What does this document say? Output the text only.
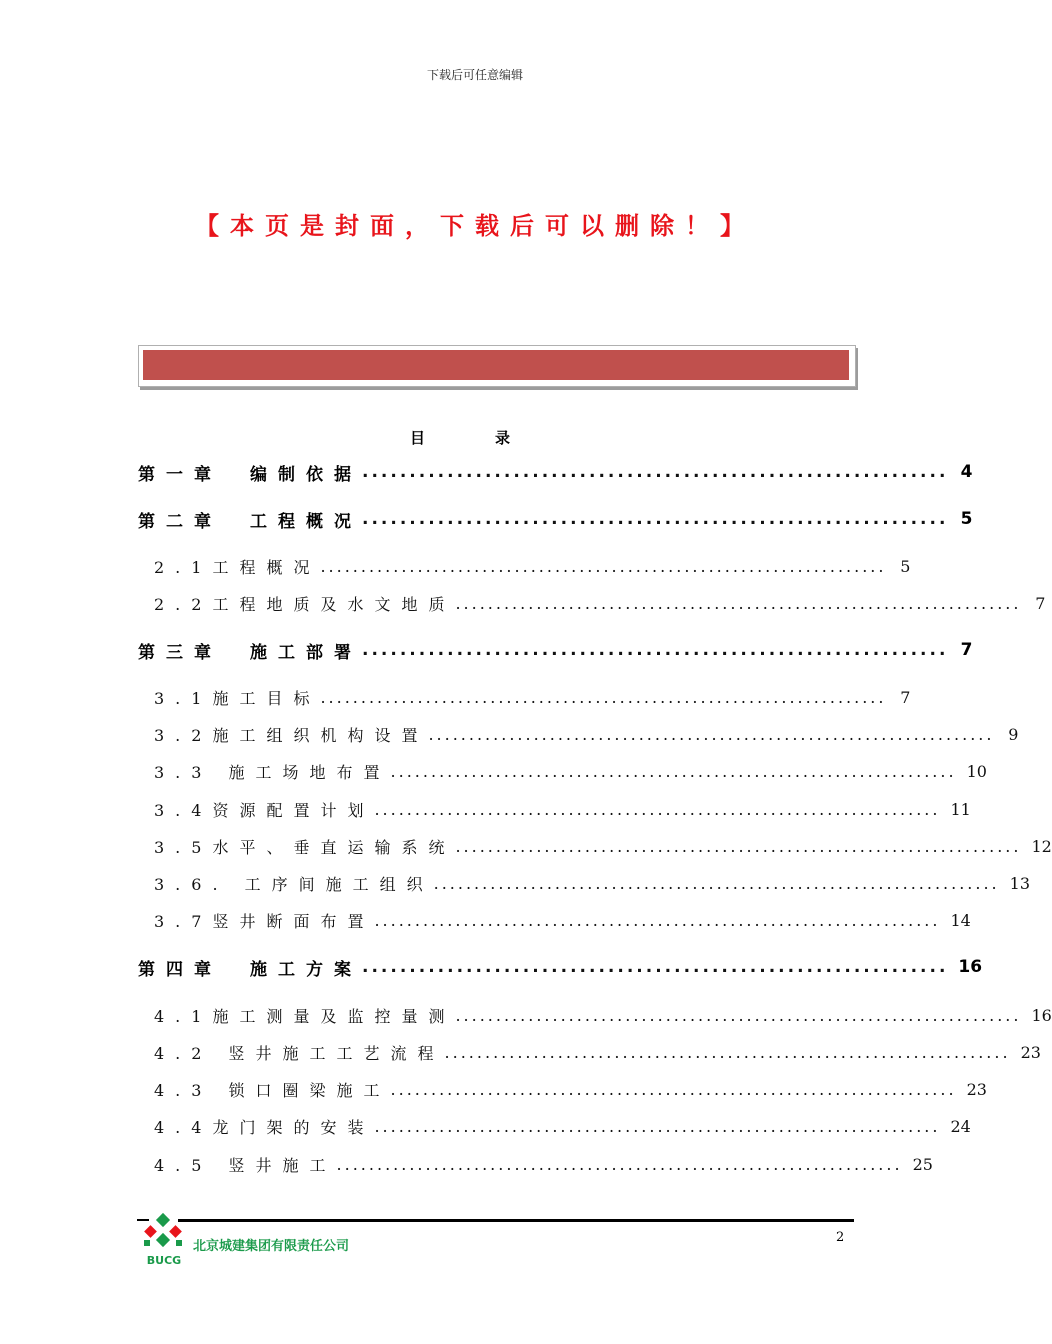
下载后可任意编辑
【本页是封面，下载后可以删除！】
目录
第一章　编制依据 .............................................................. 4
第二章　工程概况 .............................................................. 5
2.1工程概况 ...................................................................... 5
2.2工程地质及水文地质 ...................................................................... 7
第三章　施工部署 .............................................................. 7
3.1施工目标 ...................................................................... 7
3.2施工组织机构设置 ...................................................................... 9
3.3 施工场地布置 ...................................................................... 10
3.4资源配置计划 ...................................................................... 11
3.5水平、垂直运输系统 ...................................................................... 12
3.6. 工序间施工组织 ...................................................................... 13
3.7竖井断面布置 ...................................................................... 14
第四章　施工方案 .............................................................. 16
4.1施工测量及监控量测 ...................................................................... 16
4.2 竖井施工工艺流程 ...................................................................... 23
4.3 锁口圈梁施工 ...................................................................... 23
4.4龙门架的安装 ...................................................................... 24
4.5 竖井施工 ...................................................................... 25
BUCG
北京城建集团有限责任公司
2
